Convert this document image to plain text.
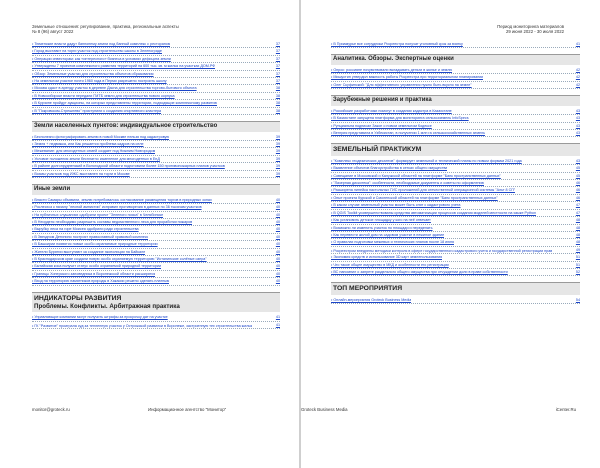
Земельные отношения: регулирование, практика, региональные аспекты
№ 8 (96) август 2022
• Тюменские власти дадут баннонему земли под банный комплекс с рестораном	37
• Город выставит на торги участок под строительство школы в Зеленограде	37
• Операции инвесторам: как «интересного» бизнеса в условиях дефицита земли	37
• Утверждены 7 проектов комплексного развития территорий на 600 тыс. кв. м жилья на участках ДОМ.РФ	37
• Обзор: Земельные участки для строительства объектов образования	37
• На земельном участке почти 1960 года в Перми разрешено построить школу	37
• Москва сдаст в аренду участок в деревне Дасна для строительства торгово-бытового объекта	38
• В Новосибирске власти передали ГМТБ земли для строительства нового корпуса	38
• В Курчине пройдут аукционы, на которых представлены территории, подходящие комплексному развитию	38
• В "Покровском-Стрешнево" приступили к созданию спортивного кластера	38
Земли населенных пунктов: индивидуальное строительство
• Бесполезно фотографировать землю в новой Москве нельзя под кадастровую	39
• Земля + недвижка, или Как решается проблема кадров на селе	39
• Межевание: для многодетных семей создает под Нижним Новгородом	39
• Условие положения земли бесплатно изменение для многодетных в ЕнД	39
• В районе долгопрудненский в Вологодской области подготовили более 150 противопожарных планов участков	39
• Возмы участков под ИЖС выставлен на торги в Москве	39
Иные земли
• Власти Самары объявили, землю потребовалось согласование размещения торгов в природных зонах	40
• Рослесхоз к началу "лесной амнистии" исправил противоречия в данных по 36 тысячам участков	40
• На публичных слушаниях одобрили проект "Зеленого пояса" в Челябинске	40
• В Неорденс необходимо разрешить составы ведомственного леса для проработки пожаров	40
• Вырубку леса на горе Моисея одобрили ради строительства	40
• В Звездном Детинино построят православный храмовой комплекс	40
• В Башкирии появятся новые особо охраняемые природные территории	40
• Жители Бурятии выступают за создание экополиции на Байкале	40
• В Краснодарском крае создали новую особо охраняемую территорию "Истанинские солёные озера"	40
• Бытийская коса получит статус особо охраняемой природной территории	40
• Границы Хоперского заповедника в Воронежской области расширятся	40
• Вход на территорию памятников природы в Хакасии решено сделать платным	40
ИНДИКАТОРЫ РАЗВИТИЯ
Проблемы. Конфликты. Арбитражная практика
• Управляющие компании могут получить штрафы за просрочку дат на участке	41
• ГК "Развитие" проиграла суд за тепленную участок у Острожской развилки в Воронеже, застроенную тех строительства жилья	41
monitor@groteck.ru	Информационное агентство "Монитор"
Период мониторинга материалов
29 июня 2022 - 30 июля 2022
• В Приамурье все сотрудники Росреестра получат уголовный срок за взятку	41
Аналитика. Обзоры. Экспертные оценки
• Опрос: россияне почувствовали вкладывать деньги в жилье и землю	42
• Мишустин утвердил важность работы Росреестра при территориальном планировании	42
• Олег Скуфинский: "Для эффективного управления нужно быть вкусно на земле"	42
Зарубежные решения и практика
• Российские разработчики помогут в создании кадастра в Казахстане	43
• В Казахстане запущена платформа для мониторинга сельхозземель InfoSpecs	43
• Рунциальна подписал Закон о новом земельном Кодексе	43
• Венгрия представила в Узбекистан, в получении 1 млн га сельскохозяйственных земель	43
ЗЕМЕЛЬНЫЙ ПРАКТИКУМ
• "Комплекс геодезических десантов" формирует земельной и технический планы по новым формам 2021 года	43
• Выявление объектов благоустройства в сетках общего имущества	45
• Совещание в Московской и Калужской областей на платформе "Банк пространственных данных"	45
• "Лазерная дискотека": особенности, необходимые документы и советы по оформлению	46
• Расширена линейка настольных ГИС приложений для отечественной операционной системы "Альт 8 СП"	46
• Опыт проекта Курской и Смоленской областей на платформе "Банк пространственных данных"	46
• В каком случае земельный участок может быть снят с кадастрового учета	47
• В QGIS Toolkit усовершенствованы средства автоматизации процессов создания моделей местности на языке Python	47
• Как установить детское площадку у кого на неё отвечает	48
• Возможно ли изменить участок по площади и переделать	48
• Как перевести жилой дом на садовом участке в нежилое здание	48
• О правилах подготовки межевых и технических планов после 18 июня	48
• Росреестром внедрены методики контроля в сфере государственного кадастрового учета и государственной регистрации прав	49
• Экономия средств и использование 3D карт землепользования	51
• Что такое общее имущество в МКД и особенности его регистрации	51
• ВС напомнил о запрете раздельного общего имущества при отчуждении доли в праве собственности	52
ТОП МЕРОПРИЯТИЯ
• Онлайн-мероприятия Groteck Business Media	54
Groteck Business Media	iCenter.Ru
